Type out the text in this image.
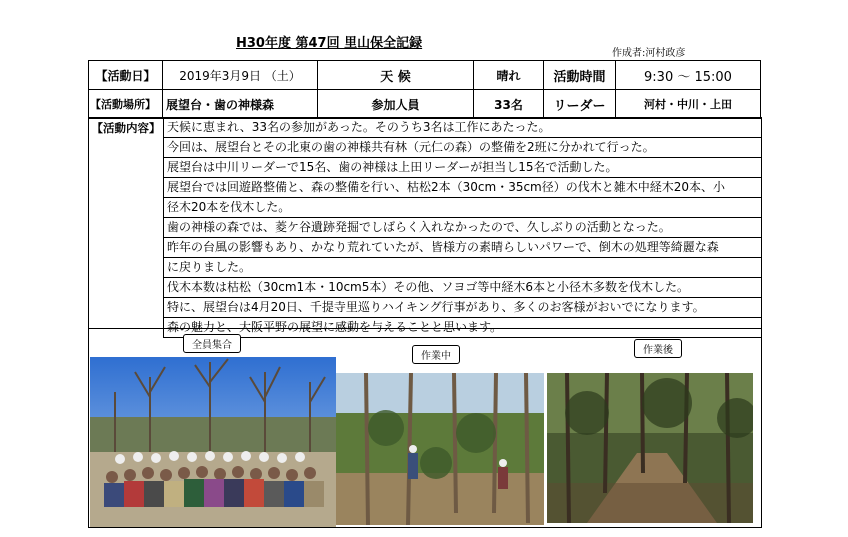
H30年度 第47回 里山保全記録
作成者:河村政彦
【活動日】	2019年3月9日 （土）	天 候	晴れ	活動時間	9:30 ～ 15:00
【活動場所】	展望台・歯の神様森	参加人員	33名	リーダー	河村・中川・上田
【活動内容】 天候に恵まれ、33名の参加があった。そのうち3名は工作にあたった。
今回は、展望台とその北東の歯の神様共有林（元仁の森）の整備を2班に分かれて行った。
展望台は中川リーダーで15名、歯の神様は上田リーダーが担当し15名で活動した。
展望台では回遊路整備と、森の整備を行い、枯松2本（30cm・35cm径）の伐木と雑木中経木20本、小
径木20本を伐木した。
歯の神様の森では、菱ケ谷遺跡発掘でしばらく入れなかったので、久しぶりの活動となった。
昨年の台風の影響もあり、かなり荒れていたが、皆様方の素晴らしいパワーで、倒木の処理等綺麗な森
に戻りました。
伐木本数は枯松（30cm1本・10cm5本）その他、ソヨゴ等中経木6本と小径木多数を伐木した。
特に、展望台は4月20日、千提寺里巡りハイキング行事があり、多くのお客様がおいでになります。
森の魅力と、大阪平野の展望に感動を与えることと思います。
全員集合
作業中
作業後
